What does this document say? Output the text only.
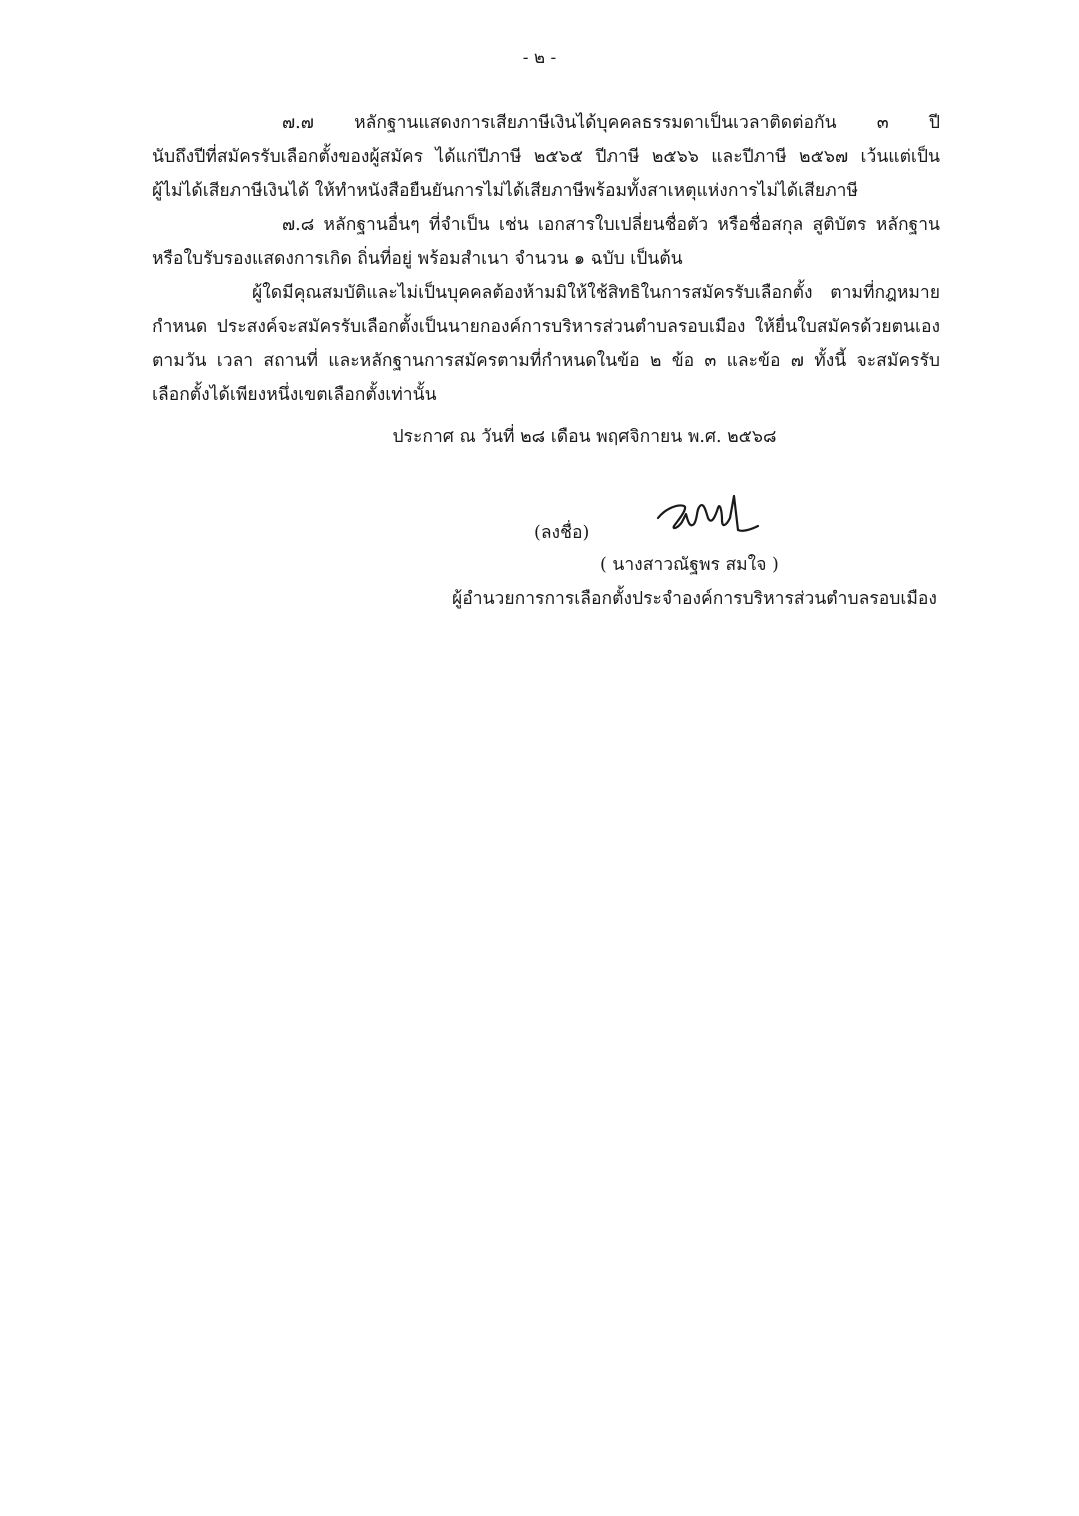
- ๒ -
๗.๗ หลักฐานแสดงการเสียภาษีเงินได้บุคคลธรรมดาเป็นเวลาติดต่อกัน ๓ ปี
นับถึงปีที่สมัครรับเลือกตั้งของผู้สมัคร ได้แก่ปีภาษี ๒๕๖๕ ปีภาษี ๒๕๖๖ และปีภาษี ๒๕๖๗ เว้นแต่เป็น
ผู้ไม่ได้เสียภาษีเงินได้ ให้ทำหนังสือยืนยันการไม่ได้เสียภาษีพร้อมทั้งสาเหตุแห่งการไม่ได้เสียภาษี
๗.๘ หลักฐานอื่นๆ ที่จำเป็น เช่น เอกสารใบเปลี่ยนชื่อตัว หรือชื่อสกุล สูติบัตร หลักฐาน
หรือใบรับรองแสดงการเกิด ถิ่นที่อยู่ พร้อมสำเนา จำนวน ๑ ฉบับ เป็นต้น
ผู้ใดมีคุณสมบัติและไม่เป็นบุคคลต้องห้ามมิให้ใช้สิทธิในการสมัครรับเลือกตั้ง ตามที่กฎหมาย
กำหนด ประสงค์จะสมัครรับเลือกตั้งเป็นนายกองค์การบริหารส่วนตำบลรอบเมือง ให้ยื่นใบสมัครด้วยตนเอง
ตามวัน เวลา สถานที่ และหลักฐานการสมัครตามที่กำหนดในข้อ ๒ ข้อ ๓ และข้อ ๗ ทั้งนี้ จะสมัครรับ
เลือกตั้งได้เพียงหนึ่งเขตเลือกตั้งเท่านั้น
ประกาศ ณ วันที่ ๒๘ เดือน พฤศจิกายน พ.ศ. ๒๕๖๘
(ลงชื่อ)
( นางสาวณัฐพร สมใจ )
ผู้อำนวยการการเลือกตั้งประจำองค์การบริหารส่วนตำบลรอบเมือง
